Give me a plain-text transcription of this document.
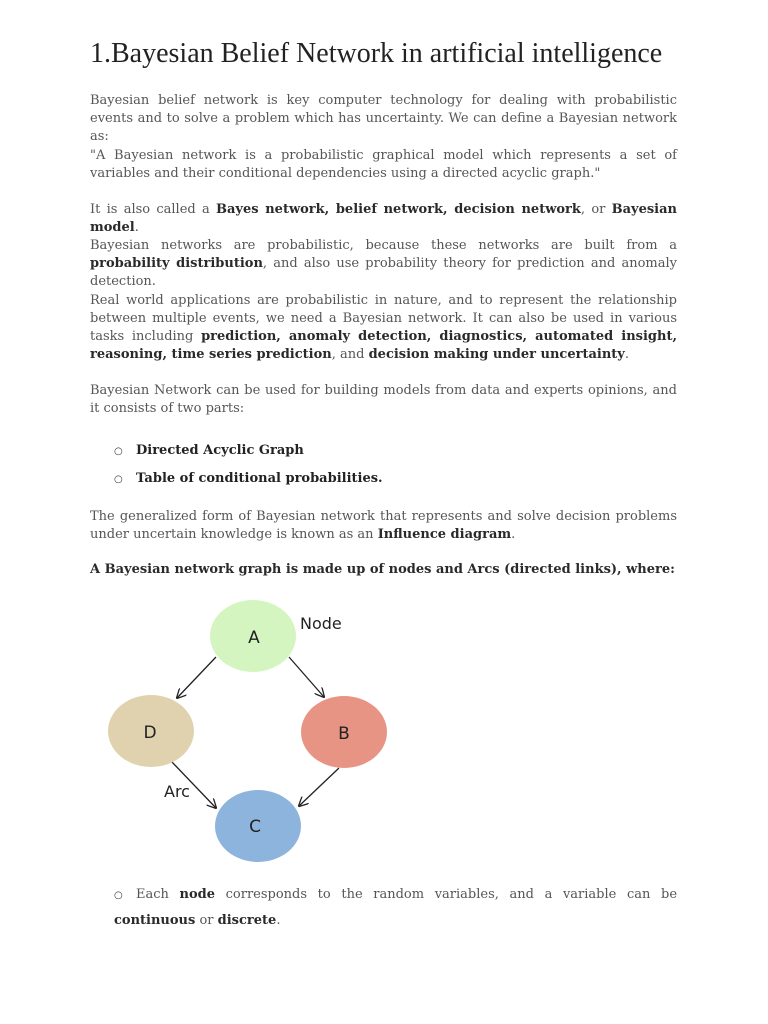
1.Bayesian Belief Network in artificial intelligence

Bayesian belief network is key computer technology for dealing with probabilistic events and to solve a problem which has uncertainty. We can define a Bayesian network as:

"A Bayesian network is a probabilistic graphical model which represents a set of variables and their conditional dependencies using a directed acyclic graph."

It is also called a Bayes network, belief network, decision network, or Bayesian model.

Bayesian networks are probabilistic, because these networks are built from a probability distribution, and also use probability theory for prediction and anomaly detection.

Real world applications are probabilistic in nature, and to represent the relationship between multiple events, we need a Bayesian network. It can also be used in various tasks including prediction, anomaly detection, diagnostics, automated insight, reasoning, time series prediction, and decision making under uncertainty.

Bayesian Network can be used for building models from data and experts opinions, and it consists of two parts:

○ Directed Acyclic Graph
○ Table of conditional probabilities.

The generalized form of Bayesian network that represents and solve decision problems under uncertain knowledge is known as an Influence diagram.

A Bayesian network graph is made up of nodes and Arcs (directed links), where:
A
B
C
D
Node
Arc
○ Each node corresponds to the random variables, and a variable can be continuous or discrete.
